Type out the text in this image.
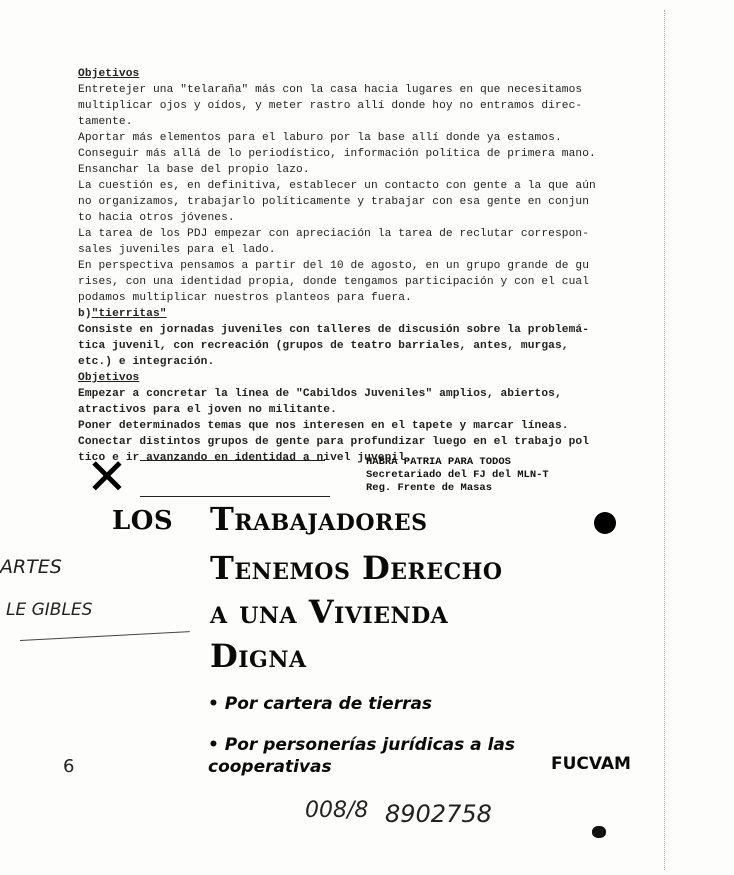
Objetivos
Entretejer una "telaraña" más con la casa hacia lugares en que necesitamos
multiplicar ojos y oídos, y meter rastro allí donde hoy no entramos direc-
tamente.
Aportar más elementos para el laburo por la base allí donde ya estamos.
Conseguir más allá de lo periodístico, información política de primera mano.
Ensanchar la base del propio lazo.
La cuestión es, en definitiva, establecer un contacto con gente a la que aún
no organizamos, trabajarlo políticamente y trabajar con esa gente en conjun
to hacia otros jóvenes.
La tarea de los PDJ empezar con apreciación la tarea de reclutar correspon-
sales juveniles para el lado.
En perspectiva pensamos a partir del 10 de agosto, en un grupo grande de gu
rises, con una identidad propia, donde tengamos participación y con el cual
podamos multiplicar nuestros planteos para fuera.
b)"tierritas"
Consiste en jornadas juveniles con talleres de discusión sobre la problemá-
tica juvenil, con recreación (grupos de teatro barriales, antes, murgas,
etc.) e integración.
Objetivos
Empezar a concretar la línea de "Cabildos Juveniles" amplios, abiertos,
atractivos para el joven no militante.
Poner determinados temas que nos interesen en el tapete y marcar líneas.
Conectar distintos grupos de gente para profundizar luego en el trabajo pol
tico e ir avanzando en identidad a nivel juvenil.
✕	HABRA PATRIA PARA TODOS
Secretariado del FJ del MLN-T
Reg. Frente de Masas
LOS Trabajadores
Tenemos Derecho
a una Vivienda
Digna
• Por cartera de tierras
• Por personerías jurídicas a las
cooperativas	FUCVAM
ARTES
LE GIBLES
6
008/8 8902758
